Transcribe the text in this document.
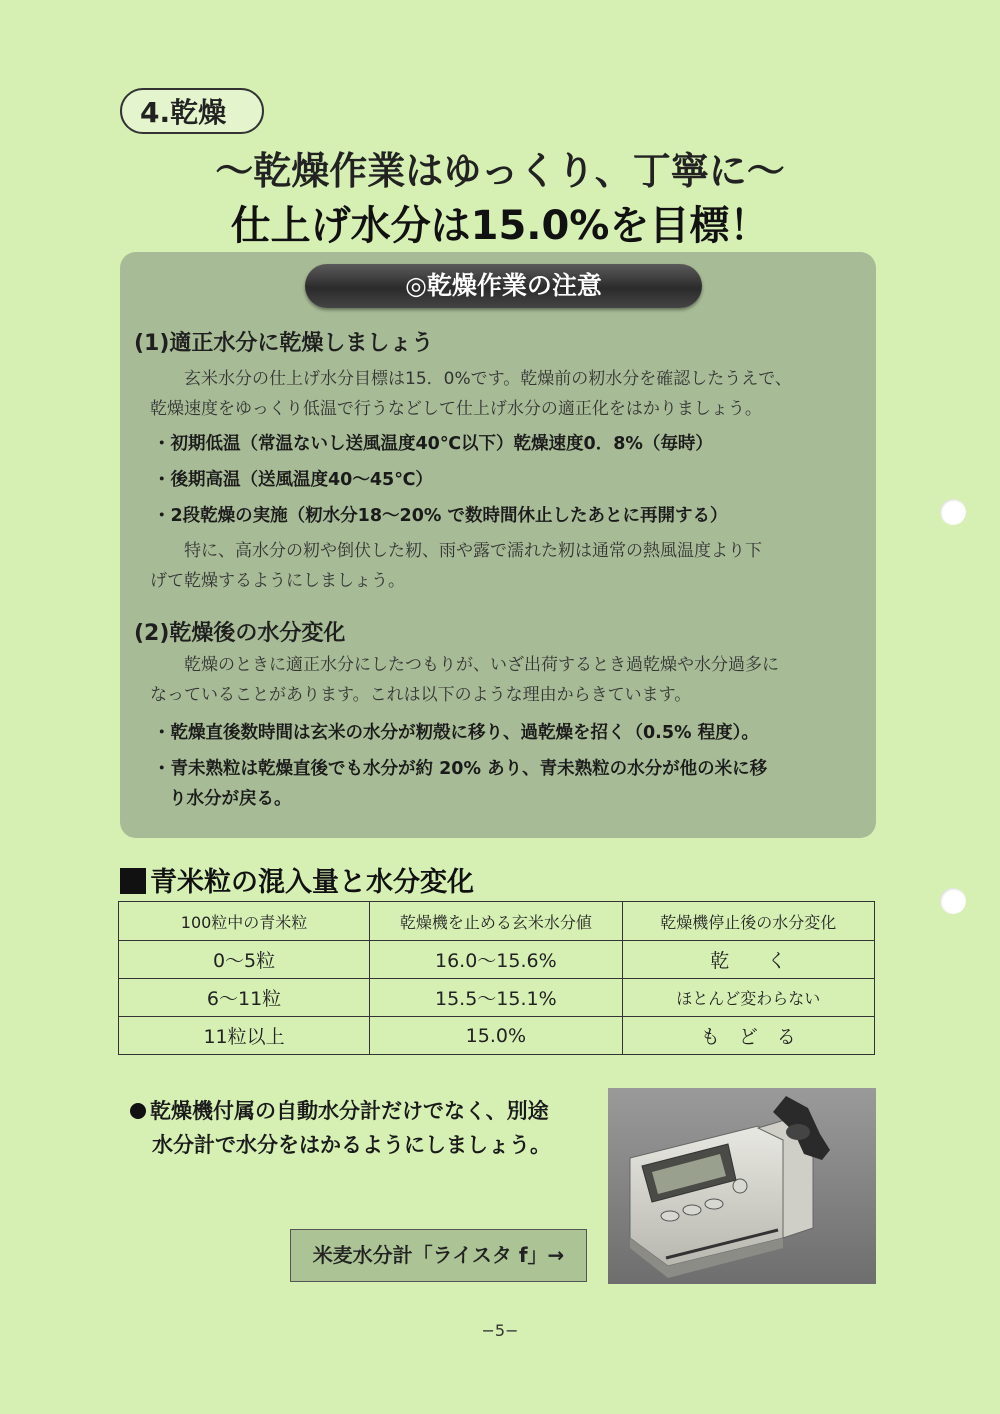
4.乾燥
～乾燥作業はゆっくり、丁寧に～
仕上げ水分は15.0%を目標！
◎乾燥作業の注意
(1)適正水分に乾燥しましょう
玄米水分の仕上げ水分目標は15．0%です。乾燥前の籾水分を確認したうえで、
乾燥速度をゆっくり低温で行うなどして仕上げ水分の適正化をはかりましょう。
・初期低温（常温ないし送風温度40℃以下）乾燥速度0．8%（毎時）
・後期高温（送風温度40～45℃）
・2段乾燥の実施（籾水分18～20% で数時間休止したあとに再開する）
特に、高水分の籾や倒伏した籾、雨や露で濡れた籾は通常の熱風温度より下
げて乾燥するようにしましょう。
(2)乾燥後の水分変化
乾燥のときに適正水分にしたつもりが、いざ出荷するとき過乾燥や水分過多に
なっていることがあります。これは以下のような理由からきています。
・乾燥直後数時間は玄米の水分が籾殻に移り、過乾燥を招く（0.5% 程度）。
・青未熟粒は乾燥直後でも水分が約 20% あり、青未熟粒の水分が他の米に移
り水分が戻る。
青米粒の混入量と水分変化
100粒中の青米粒	乾燥機を止める玄米水分値	乾燥機停止後の水分変化
0～5粒	16.0～15.6%	乾　　く
6～11粒	15.5～15.1%	ほとんど変わらない
11粒以上	15.0%	も　ど　る
乾燥機付属の自動水分計だけでなく、別途
水分計で水分をはかるようにしましょう。
米麦水分計「ライスタ f」→
−5−
